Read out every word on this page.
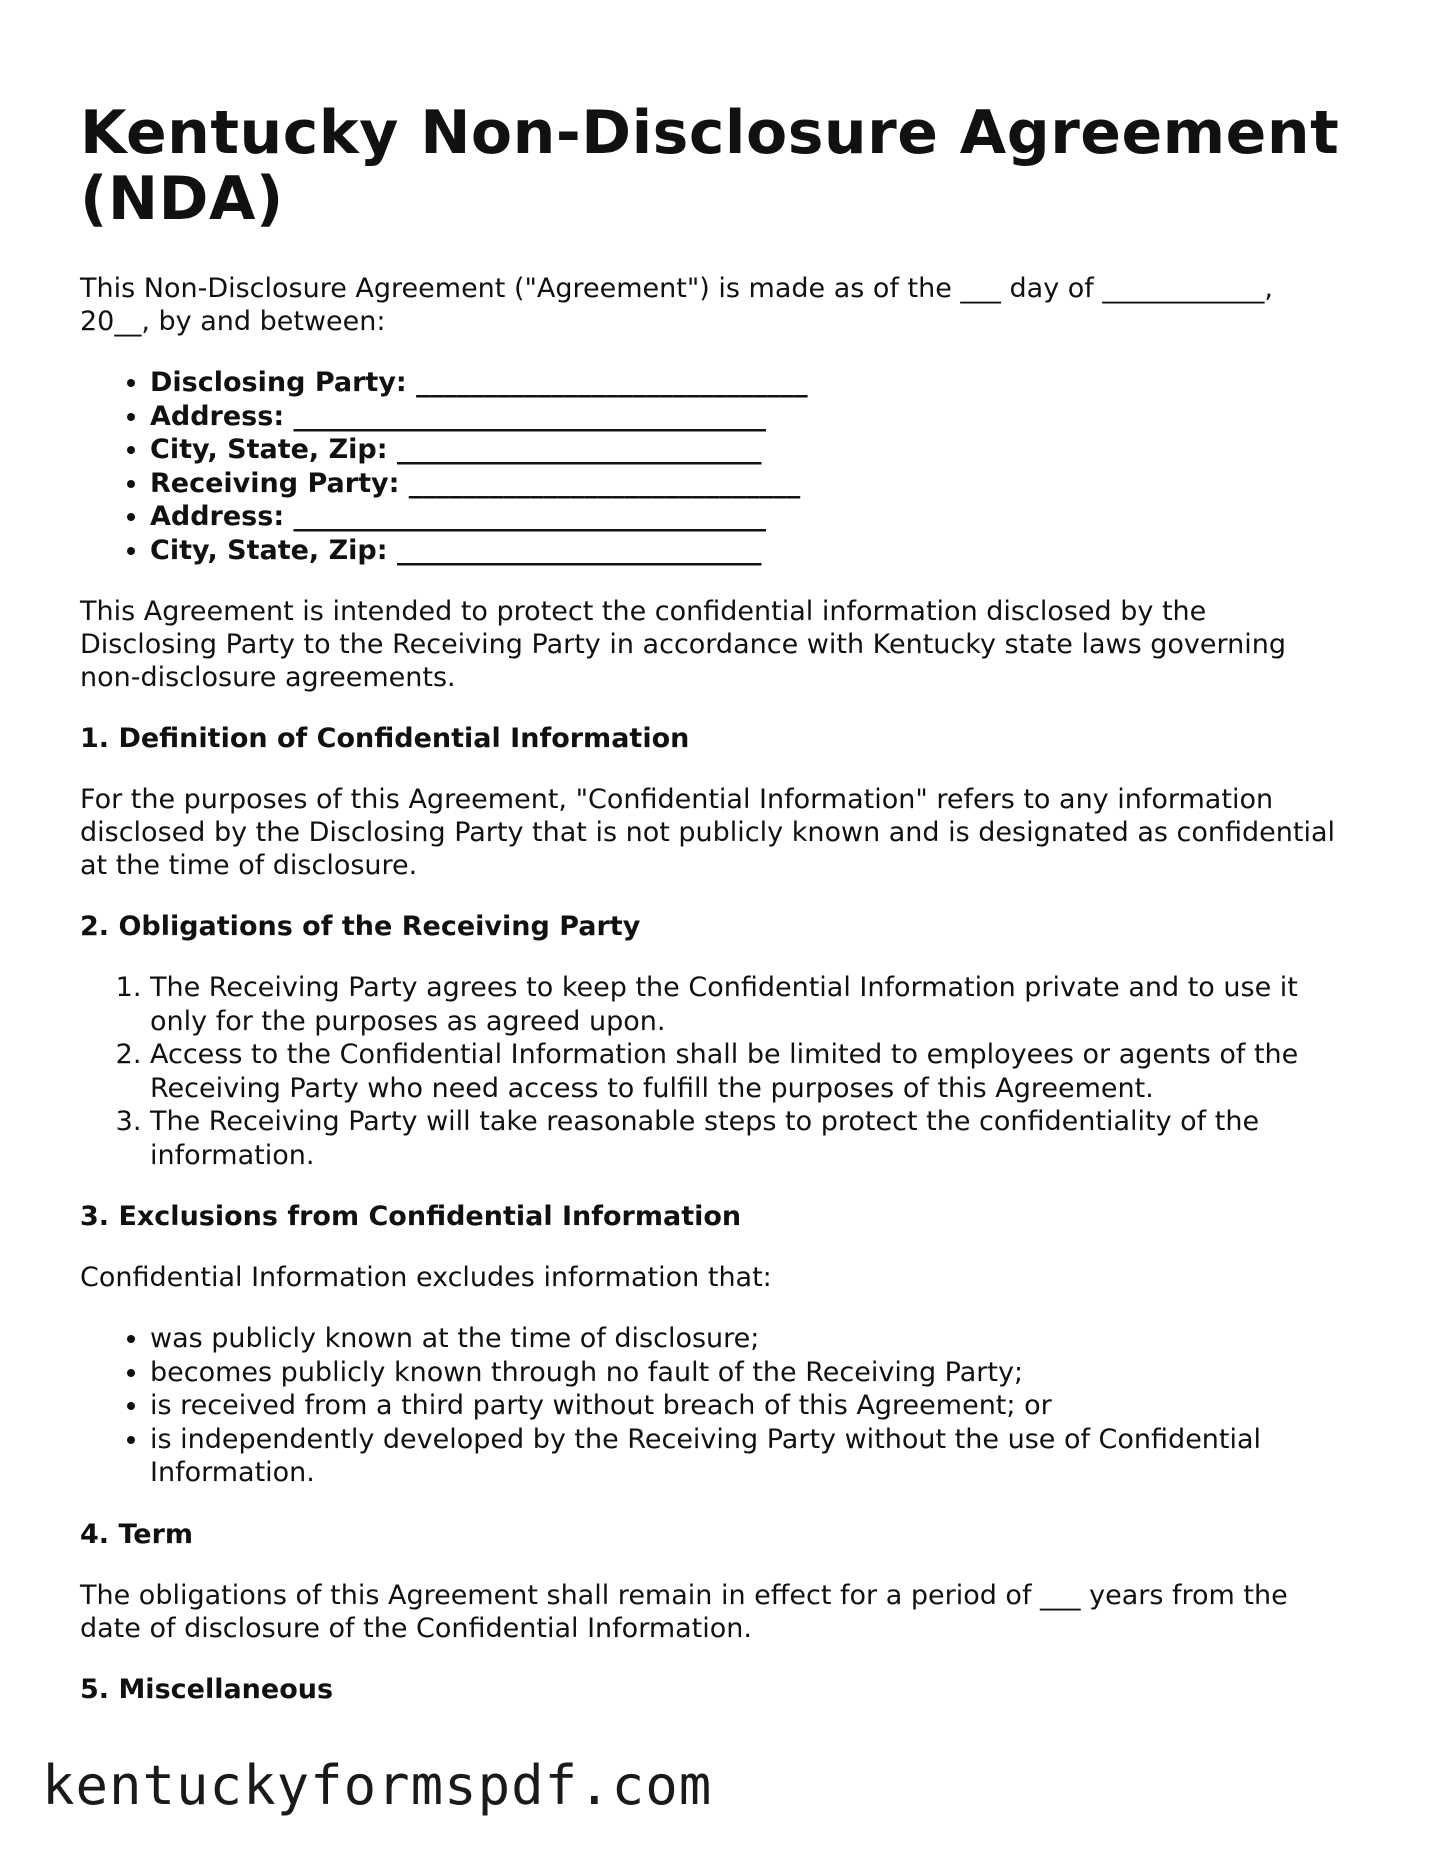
Kentucky Non-Disclosure Agreement (NDA)

This Non-Disclosure Agreement ("Agreement") is made as of the ___ day of ____________, 20__, by and between:

• Disclosing Party: _____________________________
• Address: ___________________________________
• City, State, Zip: ___________________________
• Receiving Party: _____________________________
• Address: ___________________________________
• City, State, Zip: ___________________________

This Agreement is intended to protect the confidential information disclosed by the Disclosing Party to the Receiving Party in accordance with Kentucky state laws governing non-disclosure agreements.

1. Definition of Confidential Information

For the purposes of this Agreement, "Confidential Information" refers to any information disclosed by the Disclosing Party that is not publicly known and is designated as confidential at the time of disclosure.

2. Obligations of the Receiving Party
1. The Receiving Party agrees to keep the Confidential Information private and to use it only for the purposes as agreed upon.
2. Access to the Confidential Information shall be limited to employees or agents of the Receiving Party who need access to fulfill the purposes of this Agreement.
3. The Receiving Party will take reasonable steps to protect the confidentiality of the information.
3. Exclusions from Confidential Information

Confidential Information excludes information that:

• was publicly known at the time of disclosure;
• becomes publicly known through no fault of the Receiving Party;
• is received from a third party without breach of this Agreement; or
• is independently developed by the Receiving Party without the use of Confidential Information.
4. Term

The obligations of this Agreement shall remain in effect for a period of ___ years from the date of disclosure of the Confidential Information.

5. Miscellaneous
kentuckyformspdf.com
